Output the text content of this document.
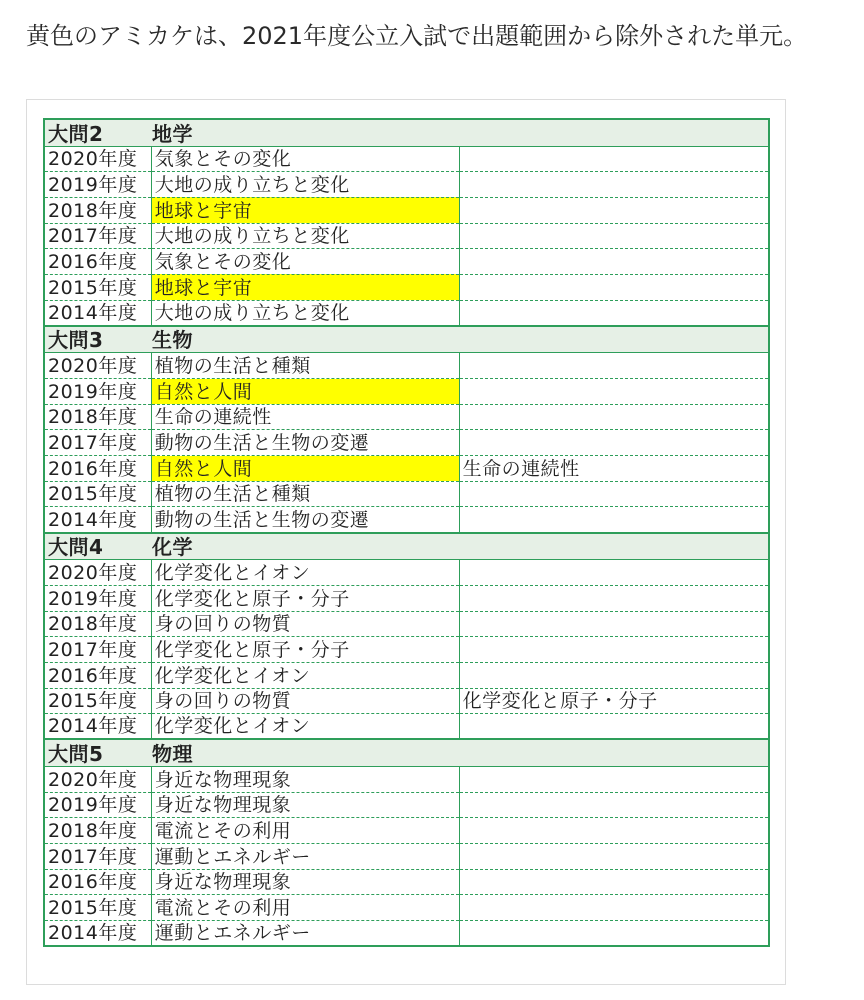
黄色のアミカケは、2021年度公立入試で出題範囲から除外された単元。
大問2 地学		
2020年度	気象とその変化	
2019年度	大地の成り立ちと変化	
2018年度	地球と宇宙	
2017年度	大地の成り立ちと変化	
2016年度	気象とその変化	
2015年度	地球と宇宙	
2014年度	大地の成り立ちと変化	
大問3 生物		
2020年度	植物の生活と種類	
2019年度	自然と人間	
2018年度	生命の連続性	
2017年度	動物の生活と生物の変遷	
2016年度	自然と人間	生命の連続性
2015年度	植物の生活と種類	
2014年度	動物の生活と生物の変遷	
大問4 化学		
2020年度	化学変化とイオン	
2019年度	化学変化と原子・分子	
2018年度	身の回りの物質	
2017年度	化学変化と原子・分子	
2016年度	化学変化とイオン	
2015年度	身の回りの物質	化学変化と原子・分子
2014年度	化学変化とイオン	
大問5 物理		
2020年度	身近な物理現象	
2019年度	身近な物理現象	
2018年度	電流とその利用	
2017年度	運動とエネルギー	
2016年度	身近な物理現象	
2015年度	電流とその利用	
2014年度	運動とエネルギー	
